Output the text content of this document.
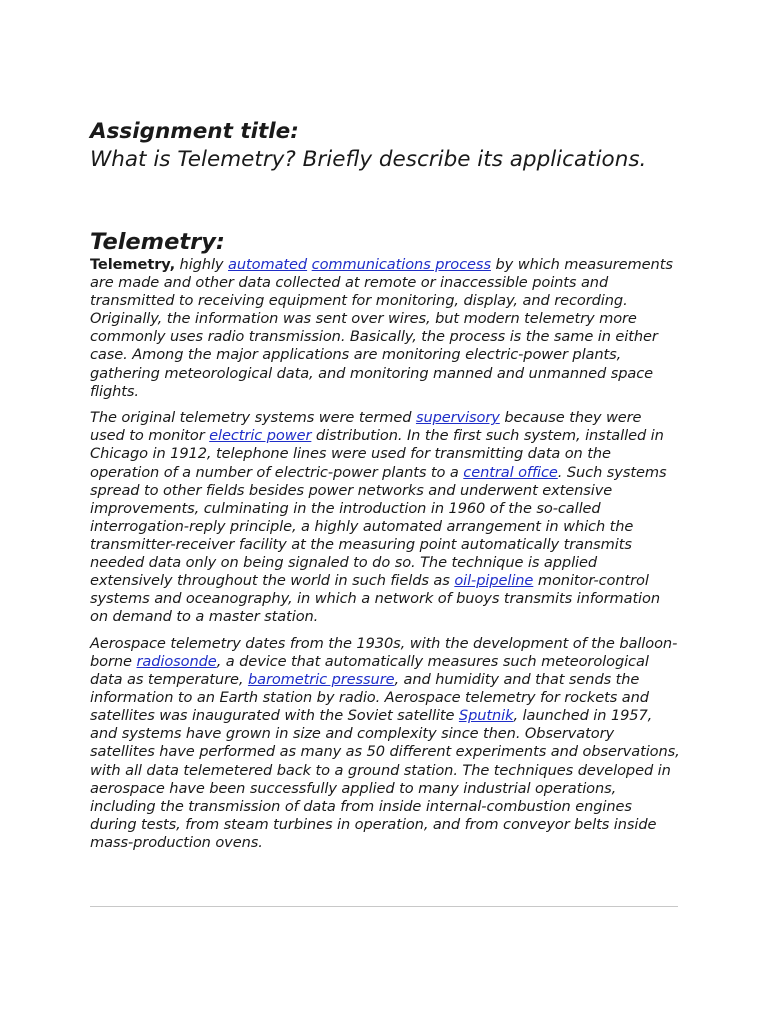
Assignment title:

What is Telemetry? Briefly describe its applications.

Telemetry:

Telemetry, highly automated communications process by which measurements are made and other data collected at remote or inaccessible points and transmitted to receiving equipment for monitoring, display, and recording. Originally, the information was sent over wires, but modern telemetry more commonly uses radio transmission. Basically, the process is the same in either case. Among the major applications are monitoring electric-power plants, gathering meteorological data, and monitoring manned and unmanned space flights.

The original telemetry systems were termed supervisory because they were used to monitor electric power distribution. In the first such system, installed in Chicago in 1912, telephone lines were used for transmitting data on the operation of a number of electric-power plants to a central office. Such systems spread to other fields besides power networks and underwent extensive improvements, culminating in the introduction in 1960 of the so-called interrogation-reply principle, a highly automated arrangement in which the transmitter-receiver facility at the measuring point automatically transmits needed data only on being signaled to do so. The technique is applied extensively throughout the world in such fields as oil-pipeline monitor-control systems and oceanography, in which a network of buoys transmits information on demand to a master station.

Aerospace telemetry dates from the 1930s, with the development of the balloon-borne radiosonde, a device that automatically measures such meteorological data as temperature, barometric pressure, and humidity and that sends the information to an Earth station by radio. Aerospace telemetry for rockets and satellites was inaugurated with the Soviet satellite Sputnik, launched in 1957, and systems have grown in size and complexity since then. Observatory satellites have performed as many as 50 different experiments and observations, with all data telemetered back to a ground station. The techniques developed in aerospace have been successfully applied to many industrial operations, including the transmission of data from inside internal-combustion engines during tests, from steam turbines in operation, and from conveyor belts inside mass-production ovens.
